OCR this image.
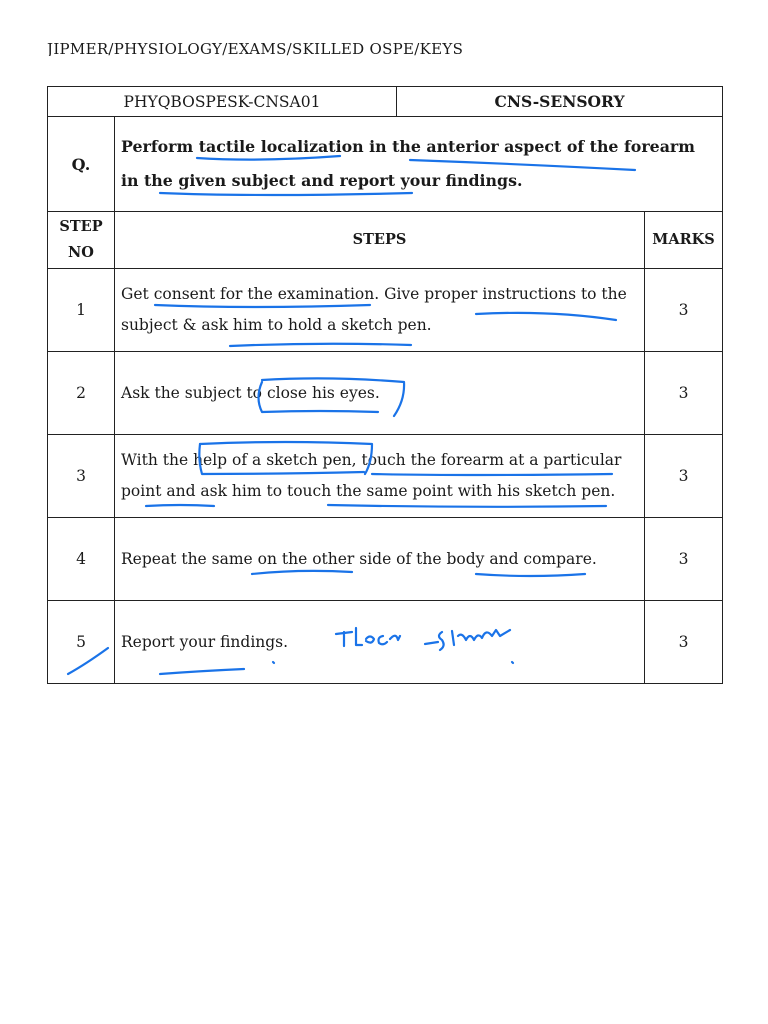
JIPMER/PHYSIOLOGY/EXAMS/SKILLED OSPE/KEYS
PHYQBOSPESK-CNSA01		CNS-SENSORY	
Q.	Perform tactile localization in the anterior aspect of the forearm in the given subject and report your findings.		

STEP
NO	STEPS		MARKS
1	Get consent for the examination. Give proper instructions to the subject & ask him to hold a sketch pen.		3
2	Ask the subject to close his eyes.		3
3	With the help of a sketch pen, touch the forearm at a particular point and ask him to touch the same point with his sketch pen.		3
4	Repeat the same on the other side of the body and compare.		3
5	Report your findings.		3
